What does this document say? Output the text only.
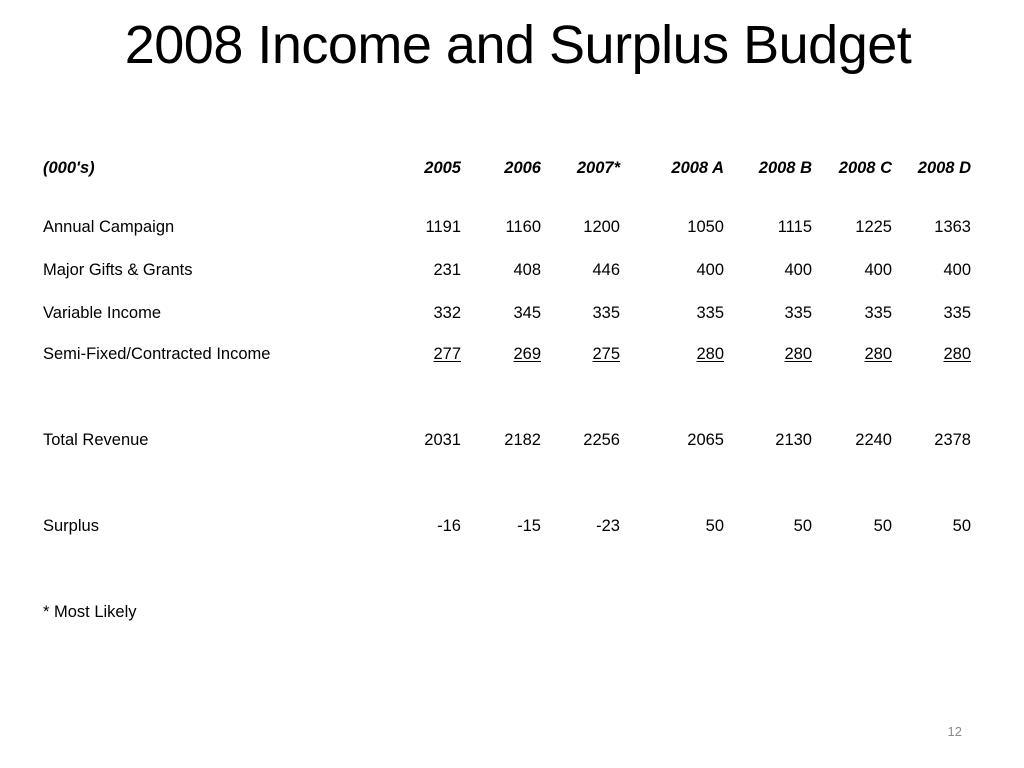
2008 Income and Surplus Budget
(000's)	2005	2006	2007*	2008 A	2008 B	2008 C	2008 D
Annual Campaign	1191	1160	1200	1050	1115	1225	1363
Major Gifts & Grants	231	408	446	400	400	400	400
Variable Income	332	345	335	335	335	335	335
Semi-Fixed/Contracted Income	277	269	275	280	280	280	280
Total Revenue	2031	2182	2256	2065	2130	2240	2378
Surplus	-16	-15	-23	50	50	50	50
* Most Likely
12
